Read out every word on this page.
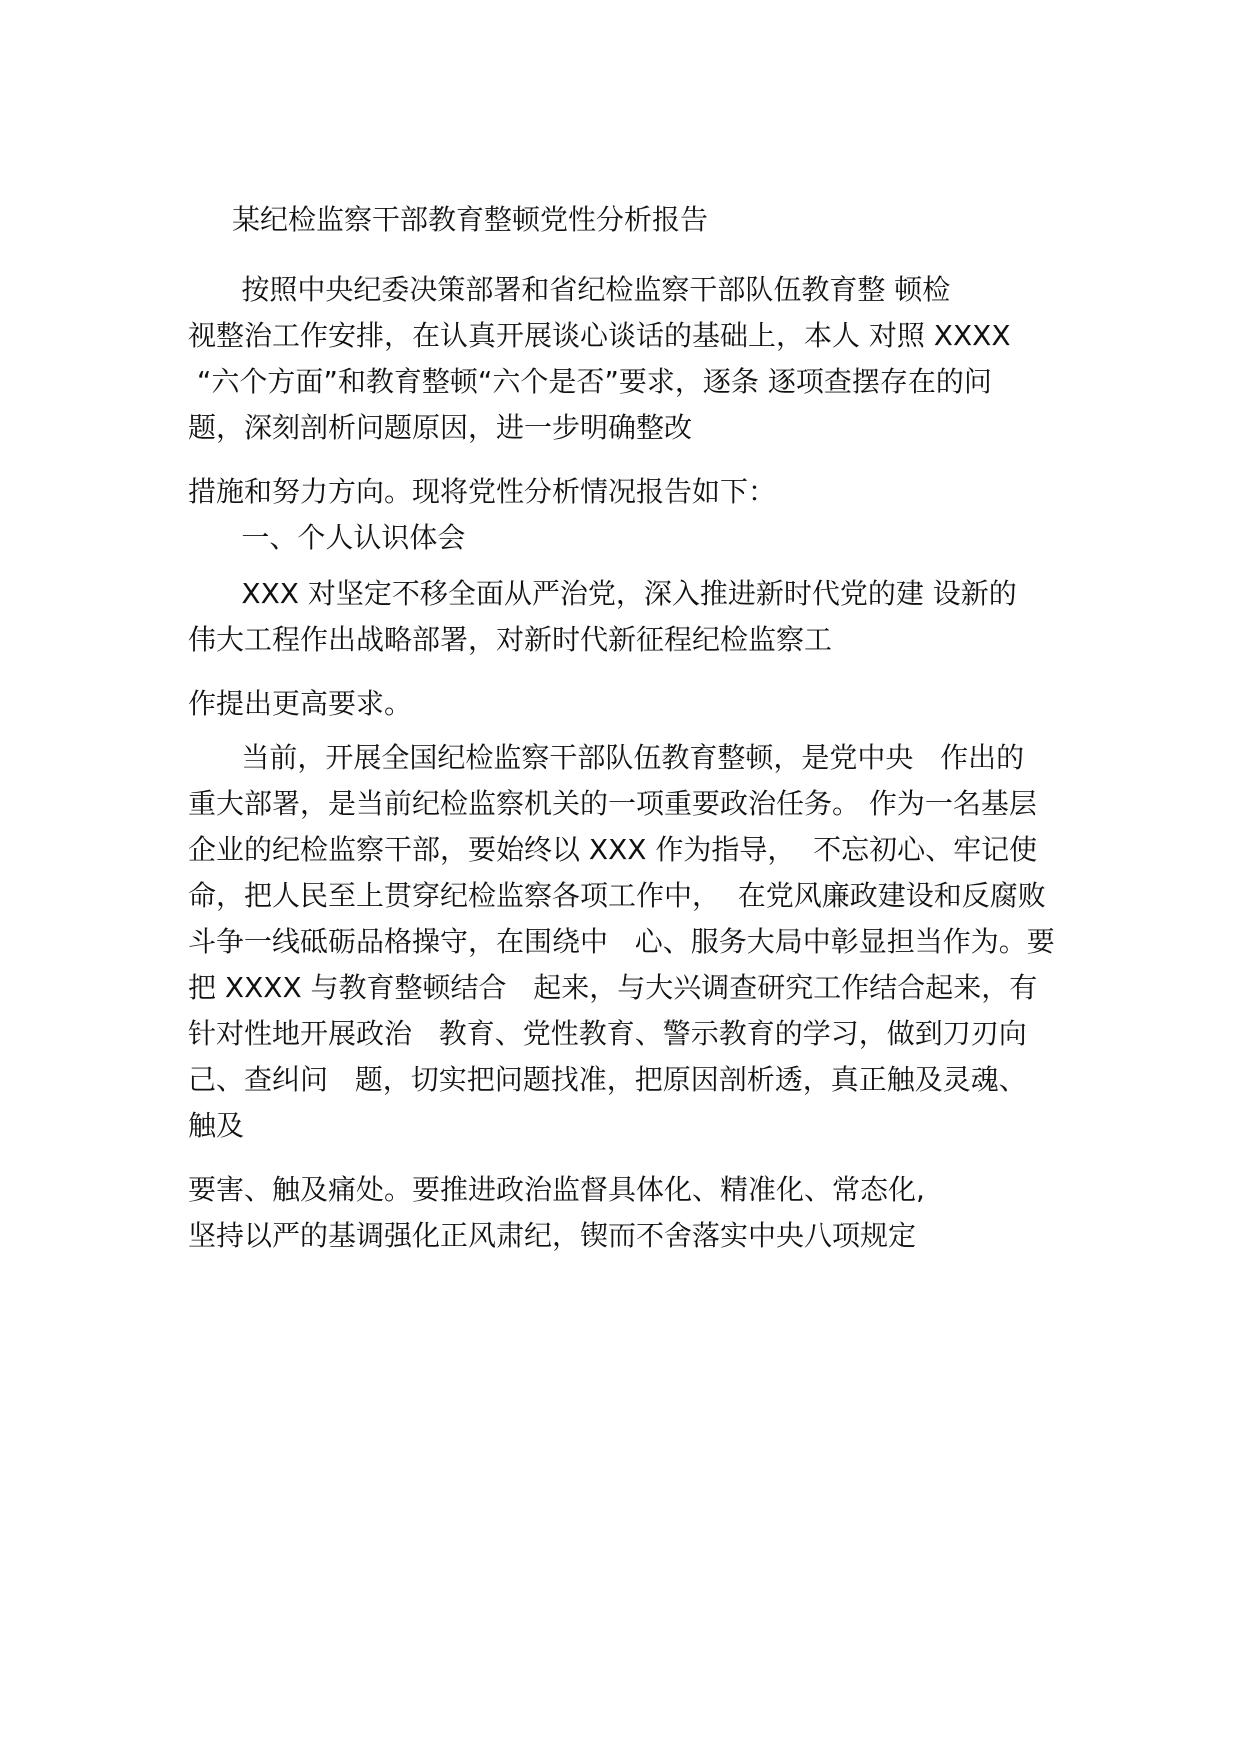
某纪检监察干部教育整顿党性分析报告
按照中央纪委决策部署和省纪检监察干部队伍教育整 顿检
视整治工作安排，在认真开展谈心谈话的基础上，本人 对照 XXXX
“六个方面”和教育整顿“六个是否”要求，逐条 逐项查摆存在的问
题，深刻剖析问题原因，进一步明确整改
措施和努力方向。现将党性分析情况报告如下：
一、个人认识体会
XXX 对坚定不移全面从严治党，深入推进新时代党的建 设新的
伟大工程作出战略部署，对新时代新征程纪检监察工
作提出更高要求。
当前，开展全国纪检监察干部队伍教育整顿，是党中央   作出的
重大部署，是当前纪检监察机关的一项重要政治任务。 作为一名基层
企业的纪检监察干部，要始终以 XXX 作为指导，  不忘初心、牢记使
命，把人民至上贯穿纪检监察各项工作中，  在党风廉政建设和反腐败
斗争一线砥砺品格操守，在围绕中   心、服务大局中彰显担当作为。要
把 XXXX 与教育整顿结合   起来，与大兴调查研究工作结合起来，有
针对性地开展政治   教育、党性教育、警示教育的学习，做到刀刃向
己、查纠问   题，切实把问题找准，把原因剖析透，真正触及灵魂、
触及
要害、触及痛处。要推进政治监督具体化、精准化、常态化,
坚持以严的基调强化正风肃纪，锲而不舍落实中央八项规定
